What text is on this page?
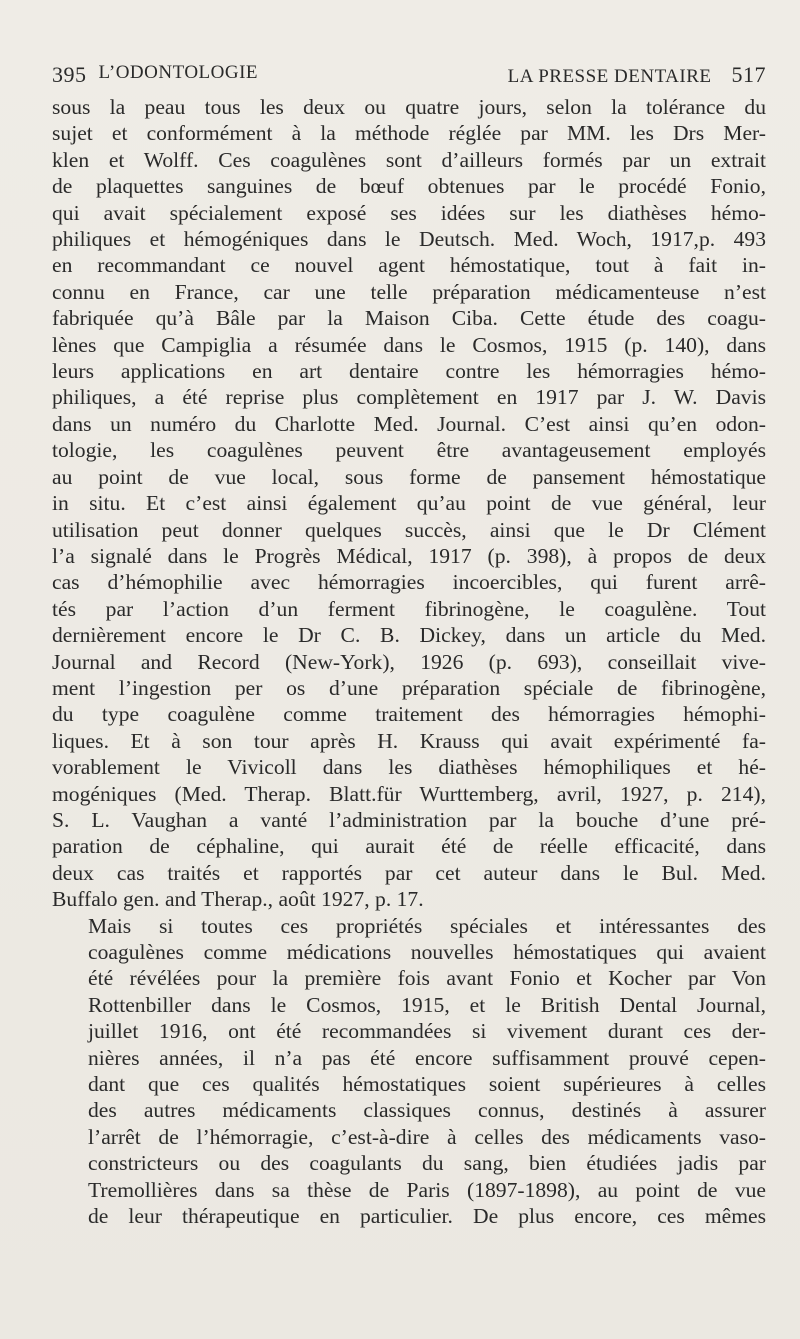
395 L’ODONTOLOGIE	LA PRESSE DENTAIRE 517

sous la peau tous les deux ou quatre jours, selon la tolérance du
sujet et conformément à la méthode réglée par MM. les Drs Mer-
klen et Wolff. Ces coagulènes sont d’ailleurs formés par un extrait
de plaquettes sanguines de bœuf obtenues par le procédé Fonio,
qui avait spécialement exposé ses idées sur les diathèses hémo-
philiques et hémogéniques dans le Deutsch. Med. Woch, 1917,p. 493
en recommandant ce nouvel agent hémostatique, tout à fait in-
connu en France, car une telle préparation médicamenteuse n’est
fabriquée qu’à Bâle par la Maison Ciba. Cette étude des coagu-
lènes que Campiglia a résumée dans le Cosmos, 1915 (p. 140), dans
leurs applications en art dentaire contre les hémorragies hémo-
philiques, a été reprise plus complètement en 1917 par J. W. Davis
dans un numéro du Charlotte Med. Journal. C’est ainsi qu’en odon-
tologie, les coagulènes peuvent être avantageusement employés
au point de vue local, sous forme de pansement hémostatique
in situ. Et c’est ainsi également qu’au point de vue général, leur
utilisation peut donner quelques succès, ainsi que le Dr Clément
l’a signalé dans le Progrès Médical, 1917 (p. 398), à propos de deux
cas d’hémophilie avec hémorragies incoercibles, qui furent arrê-
tés par l’action d’un ferment fibrinogène, le coagulène. Tout
dernièrement encore le Dr C. B. Dickey, dans un article du Med.
Journal and Record (New-York), 1926 (p. 693), conseillait vive-
ment l’ingestion per os d’une préparation spéciale de fibrinogène,
du type coagulène comme traitement des hémorragies hémophi-
liques. Et à son tour après H. Krauss qui avait expérimenté fa-
vorablement le Vivicoll dans les diathèses hémophiliques et hé-
mogéniques (Med. Therap. Blatt.für Wurttemberg, avril, 1927, p. 214),
S. L. Vaughan a vanté l’administration par la bouche d’une pré-
paration de céphaline, qui aurait été de réelle efficacité, dans
deux cas traités et rapportés par cet auteur dans le Bul. Med.
Buffalo gen. and Therap., août 1927, p. 17.

Mais si toutes ces propriétés spéciales et intéressantes des
coagulènes comme médications nouvelles hémostatiques qui avaient
été révélées pour la première fois avant Fonio et Kocher par Von
Rottenbiller dans le Cosmos, 1915, et le British Dental Journal,
juillet 1916, ont été recommandées si vivement durant ces der-
nières années, il n’a pas été encore suffisamment prouvé cepen-
dant que ces qualités hémostatiques soient supérieures à celles
des autres médicaments classiques connus, destinés à assurer
l’arrêt de l’hémorragie, c’est-à-dire à celles des médicaments vaso-
constricteurs ou des coagulants du sang, bien étudiées jadis par
Tremollières dans sa thèse de Paris (1897-1898), au point de vue
de leur thérapeutique en particulier. De plus encore, ces mêmes
